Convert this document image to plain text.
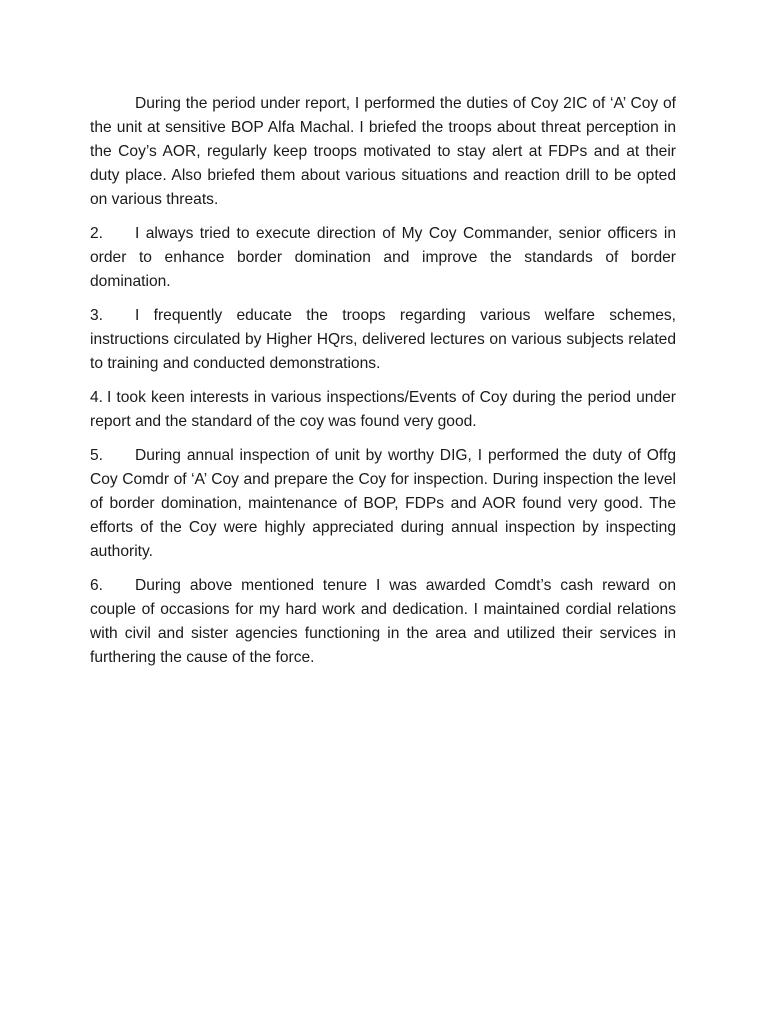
During the period under report, I performed the duties of Coy 2IC of ‘A’ Coy of the unit at sensitive BOP Alfa Machal. I briefed the troops about threat perception in the Coy’s AOR, regularly keep troops motivated to stay alert at FDPs and at their duty place. Also briefed them about various situations and reaction drill to be opted on various threats.

2. I always tried to execute direction of My Coy Commander, senior officers in order to enhance border domination and improve the standards of border domination.

3. I frequently educate the troops regarding various welfare schemes, instructions circulated by Higher HQrs, delivered lectures on various subjects related to training and conducted demonstrations.

4. I took keen interests in various inspections/Events of Coy during the period under report and the standard of the coy was found very good.

5. During annual inspection of unit by worthy DIG, I performed the duty of Offg Coy Comdr of ‘A’ Coy and prepare the Coy for inspection. During inspection the level of border domination, maintenance of BOP, FDPs and AOR found very good. The efforts of the Coy were highly appreciated during annual inspection by inspecting authority.

6. During above mentioned tenure I was awarded Comdt’s cash reward on couple of occasions for my hard work and dedication. I maintained cordial relations with civil and sister agencies functioning in the area and utilized their services in furthering the cause of the force.
